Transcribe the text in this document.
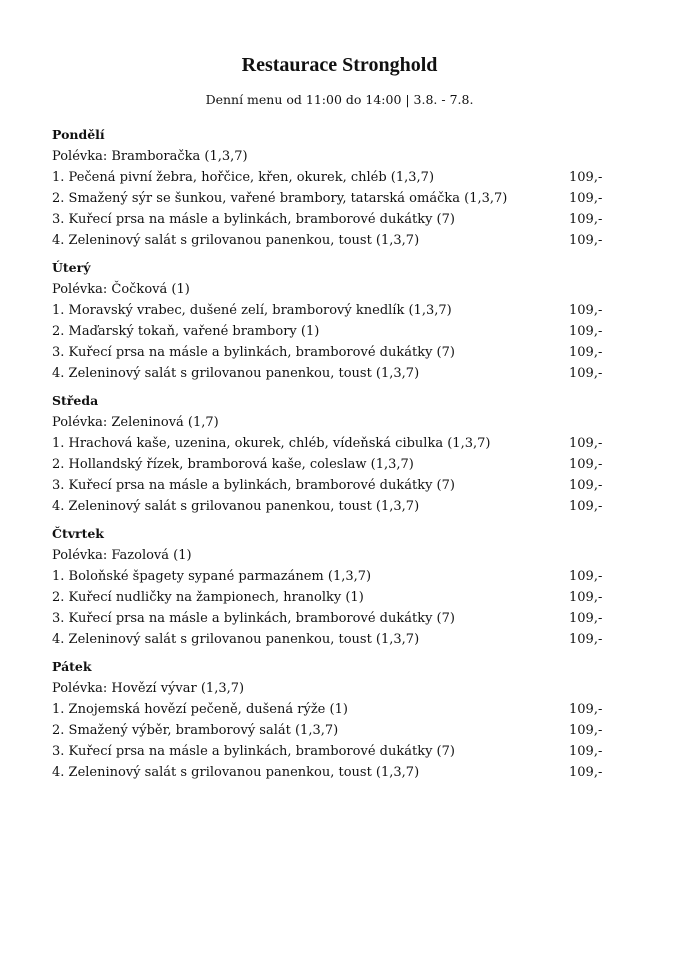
Restaurace Stronghold

Denní menu od 11:00 do 14:00 | 3.8. - 7.8.

Pondělí
Polévka: Bramboračka (1,3,7)
1. Pečená pivní žebra, hořčice, křen, okurek, chléb (1,3,7)	109,-
2. Smažený sýr se šunkou, vařené brambory, tatarská omáčka (1,3,7)	109,-
3. Kuřecí prsa na másle a bylinkách, bramborové dukátky (7)	109,-
4. Zeleninový salát s grilovanou panenkou, toust (1,3,7)	109,-
Úterý
Polévka: Čočková (1)
1. Moravský vrabec, dušené zelí, bramborový knedlík (1,3,7)	109,-
2. Maďarský tokaň, vařené brambory (1)	109,-
3. Kuřecí prsa na másle a bylinkách, bramborové dukátky (7)	109,-
4. Zeleninový salát s grilovanou panenkou, toust (1,3,7)	109,-
Středa
Polévka: Zeleninová (1,7)
1. Hrachová kaše, uzenina, okurek, chléb, vídeňská cibulka (1,3,7)	109,-
2. Hollandský řízek, bramborová kaše, coleslaw (1,3,7)	109,-
3. Kuřecí prsa na másle a bylinkách, bramborové dukátky (7)	109,-
4. Zeleninový salát s grilovanou panenkou, toust (1,3,7)	109,-
Čtvrtek
Polévka: Fazolová (1)
1. Boloňské špagety sypané parmazánem (1,3,7)	109,-
2. Kuřecí nudličky na žampionech, hranolky (1)	109,-
3. Kuřecí prsa na másle a bylinkách, bramborové dukátky (7)	109,-
4. Zeleninový salát s grilovanou panenkou, toust (1,3,7)	109,-
Pátek
Polévka: Hovězí vývar (1,3,7)
1. Znojemská hovězí pečeně, dušená rýže (1)	109,-
2. Smažený výběr, bramborový salát (1,3,7)	109,-
3. Kuřecí prsa na másle a bylinkách, bramborové dukátky (7)	109,-
4. Zeleninový salát s grilovanou panenkou, toust (1,3,7)	109,-
